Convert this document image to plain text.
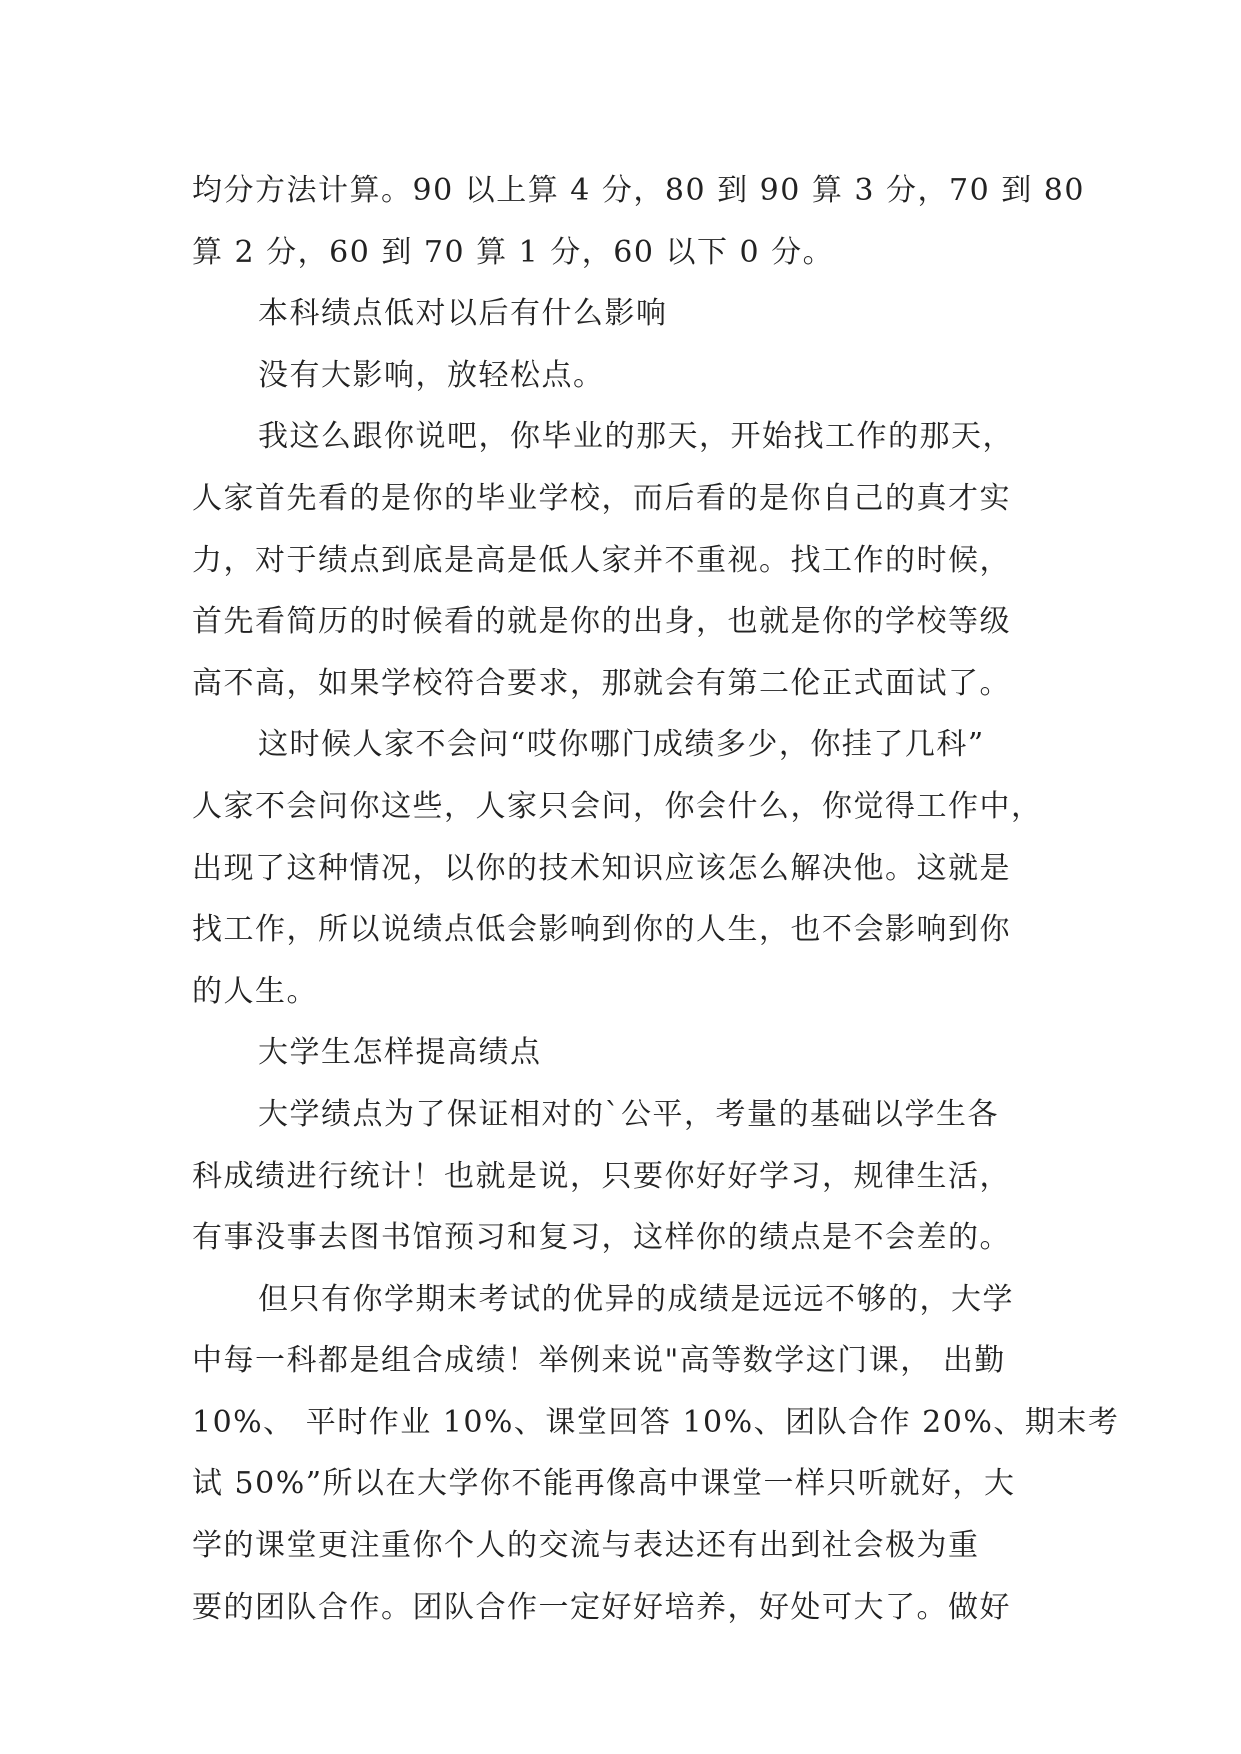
均分方法计算。90 以上算 4 分，80 到 90 算 3 分，70 到 80
算 2 分，60 到 70 算 1 分，60 以下 0 分。
本科绩点低对以后有什么影响
没有大影响，放轻松点。
我这么跟你说吧，你毕业的那天，开始找工作的那天，
人家首先看的是你的毕业学校，而后看的是你自己的真才实
力，对于绩点到底是高是低人家并不重视。找工作的时候，
首先看简历的时候看的就是你的出身，也就是你的学校等级
高不高，如果学校符合要求，那就会有第二伦正式面试了。
这时候人家不会问“哎你哪门成绩多少，你挂了几科”
人家不会问你这些，人家只会问，你会什么，你觉得工作中，
出现了这种情况，以你的技术知识应该怎么解决他。这就是
找工作，所以说绩点低会影响到你的人生，也不会影响到你
的人生。
大学生怎样提高绩点
大学绩点为了保证相对的`公平，考量的基础以学生各
科成绩进行统计！也就是说，只要你好好学习，规律生活，
有事没事去图书馆预习和复习，这样你的绩点是不会差的。
但只有你学期末考试的优异的成绩是远远不够的，大学
中每一科都是组合成绩！举例来说"高等数学这门课， 出勤
10%、 平时作业 10%、课堂回答 10%、团队合作 20%、期末考
试 50%”所以在大学你不能再像高中课堂一样只听就好，大
学的课堂更注重你个人的交流与表达还有出到社会极为重
要的团队合作。团队合作一定好好培养，好处可大了。做好
